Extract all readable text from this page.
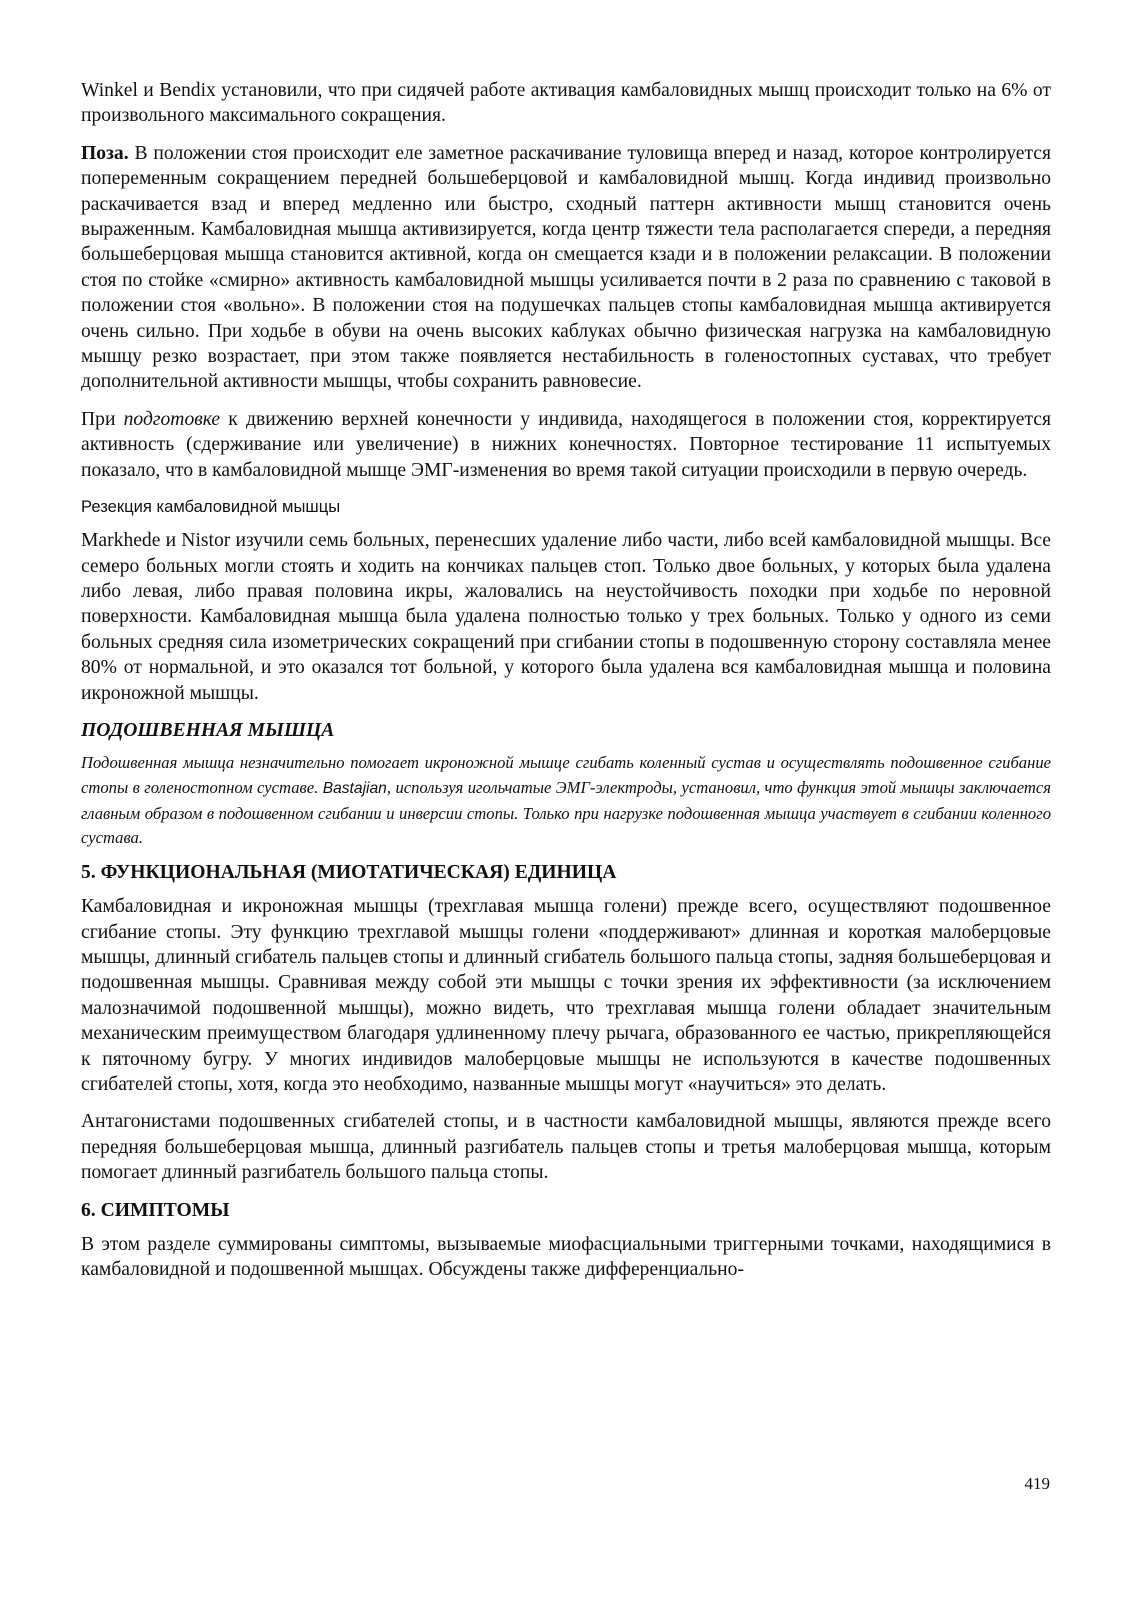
Winkel и Bendix установили, что при сидячей работе активация камбаловидных мышц происходит только на 6% от произвольного максимального сокращения.

Поза. В положении стоя происходит еле заметное раскачивание туловища вперед и назад, которое контролируется попеременным сокращением передней большеберцовой и камбаловидной мышц. Когда индивид произвольно раскачивается взад и вперед медленно или быстро, сходный паттерн активности мышц становится очень выраженным. Камбаловидная мышца активизируется, когда центр тяжести тела располагается спереди, а передняя большеберцовая мышца становится активной, когда он смещается кзади и в положении релаксации. В положении стоя по стойке «смирно» активность камбаловидной мышцы усиливается почти в 2 раза по сравнению с таковой в положении стоя «вольно». В положении стоя на подушечках пальцев стопы камбаловидная мышца активируется очень сильно. При ходьбе в обуви на очень высоких каблуках обычно физическая нагрузка на камбаловидную мышцу резко возрастает, при этом также появляется нестабильность в голеностопных суставах, что требует дополнительной активности мышцы, чтобы сохранить равновесие.

При подготовке к движению верхней конечности у индивида, находящегося в положении стоя, корректируется активность (сдерживание или увеличение) в нижних конечностях. Повторное тестирование 11 испытуемых показало, что в камбаловидной мышце ЭМГ-изменения во время такой ситуации происходили в первую очередь.

Резекция камбаловидной мышцы

Markhede и Nistor изучили семь больных, перенесших удаление либо части, либо всей камбаловидной мышцы. Все семеро больных могли стоять и ходить на кончиках пальцев стоп. Только двое больных, у которых была удалена либо левая, либо правая половина икры, жаловались на неустойчивость походки при ходьбе по неровной поверхности. Камбаловидная мышца была удалена полностью только у трех больных. Только у одного из семи больных средняя сила изометрических сокращений при сгибании стопы в подошвенную сторону составляла менее 80% от нормальной, и это оказался тот больной, у которого была удалена вся камбаловидная мышца и половина икроножной мышцы.

ПОДОШВЕННАЯ МЫШЦА

Подошвенная мышца незначительно помогает икроножной мышце сгибать коленный сустав и осуществлять подошвенное сгибание стопы в голеностопном суставе. Bastajian, используя игольчатые ЭМГ-электроды, установил, что функция этой мышцы заключается главным образом в подошвенном сгибании и инверсии стопы. Только при нагрузке подошвенная мышца участвует в сгибании коленного сустава.

5. ФУНКЦИОНАЛЬНАЯ (МИОТАТИЧЕСКАЯ) ЕДИНИЦА

Камбаловидная и икроножная мышцы (трехглавая мышца голени) прежде всего, осуществляют подошвенное сгибание стопы. Эту функцию трехглавой мышцы голени «поддерживают» длинная и короткая малоберцовые мышцы, длинный сгибатель пальцев стопы и длинный сгибатель большого пальца стопы, задняя большеберцовая и подошвенная мышцы. Сравнивая между собой эти мышцы с точки зрения их эффективности (за исключением малозначимой подошвенной мышцы), можно видеть, что трехглавая мышца голени обладает значительным механическим преимуществом благодаря удлиненному плечу рычага, образованного ее частью, прикрепляющейся к пяточному бугру. У многих индивидов малоберцовые мышцы не используются в качестве подошвенных сгибателей стопы, хотя, когда это необходимо, названные мышцы могут «научиться» это делать.

Антагонистами подошвенных сгибателей стопы, и в частности камбаловидной мышцы, являются прежде всего передняя большеберцовая мышца, длинный разгибатель пальцев стопы и третья малоберцовая мышца, которым помогает длинный разгибатель большого пальца стопы.

6. СИМПТОМЫ

В этом разделе суммированы симптомы, вызываемые миофасциальными триггерными точками, находящимися в камбаловидной и подошвенной мышцах. Обсуждены также дифференциально-

419
